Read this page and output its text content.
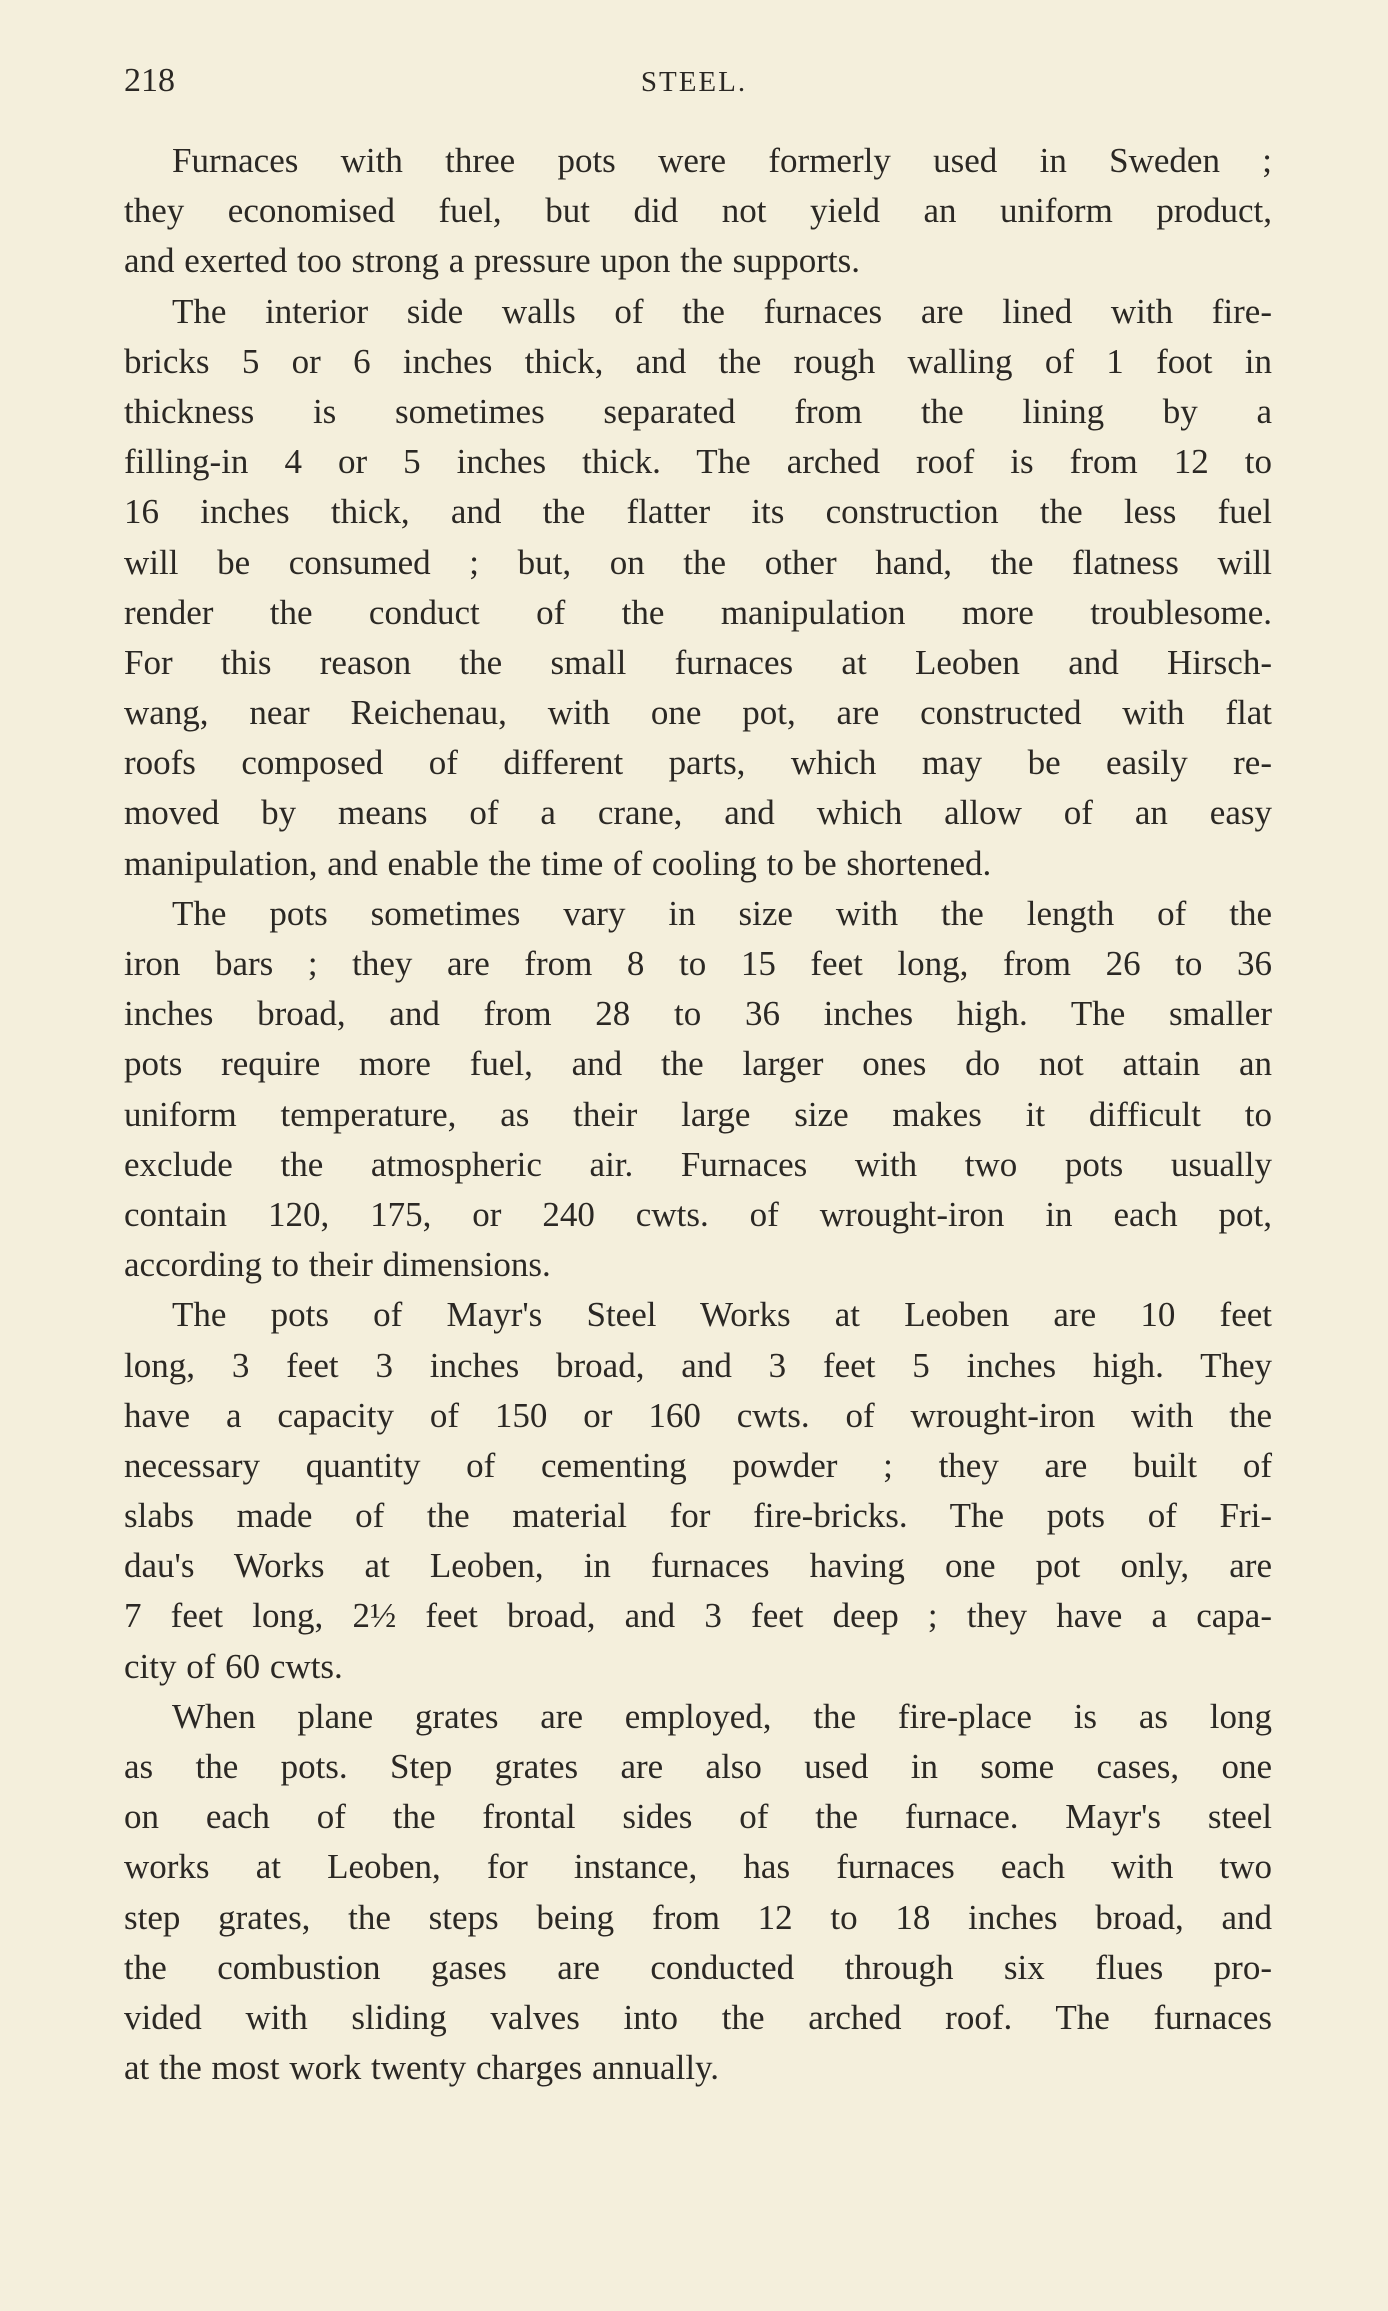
218	STEEL.
Furnaces with three pots were formerly used in Sweden ;
they economised fuel, but did not yield an uniform product,
and exerted too strong a pressure upon the supports.
The interior side walls of the furnaces are lined with fire-
bricks 5 or 6 inches thick, and the rough walling of 1 foot in
thickness is sometimes separated from the lining by a
filling-in 4 or 5 inches thick. The arched roof is from 12 to
16 inches thick, and the flatter its construction the less fuel
will be consumed ; but, on the other hand, the flatness will
render the conduct of the manipulation more troublesome.
For this reason the small furnaces at Leoben and Hirsch-
wang, near Reichenau, with one pot, are constructed with flat
roofs composed of different parts, which may be easily re-
moved by means of a crane, and which allow of an easy
manipulation, and enable the time of cooling to be shortened.
The pots sometimes vary in size with the length of the
iron bars ; they are from 8 to 15 feet long, from 26 to 36
inches broad, and from 28 to 36 inches high. The smaller
pots require more fuel, and the larger ones do not attain an
uniform temperature, as their large size makes it difficult to
exclude the atmospheric air. Furnaces with two pots usually
contain 120, 175, or 240 cwts. of wrought-iron in each pot,
according to their dimensions.
The pots of Mayr's Steel Works at Leoben are 10 feet
long, 3 feet 3 inches broad, and 3 feet 5 inches high. They
have a capacity of 150 or 160 cwts. of wrought-iron with the
necessary quantity of cementing powder ; they are built of
slabs made of the material for fire-bricks. The pots of Fri-
dau's Works at Leoben, in furnaces having one pot only, are
7 feet long, 2½ feet broad, and 3 feet deep ; they have a capa-
city of 60 cwts.
When plane grates are employed, the fire-place is as long
as the pots. Step grates are also used in some cases, one
on each of the frontal sides of the furnace. Mayr's steel
works at Leoben, for instance, has furnaces each with two
step grates, the steps being from 12 to 18 inches broad, and
the combustion gases are conducted through six flues pro-
vided with sliding valves into the arched roof. The furnaces
at the most work twenty charges annually.
